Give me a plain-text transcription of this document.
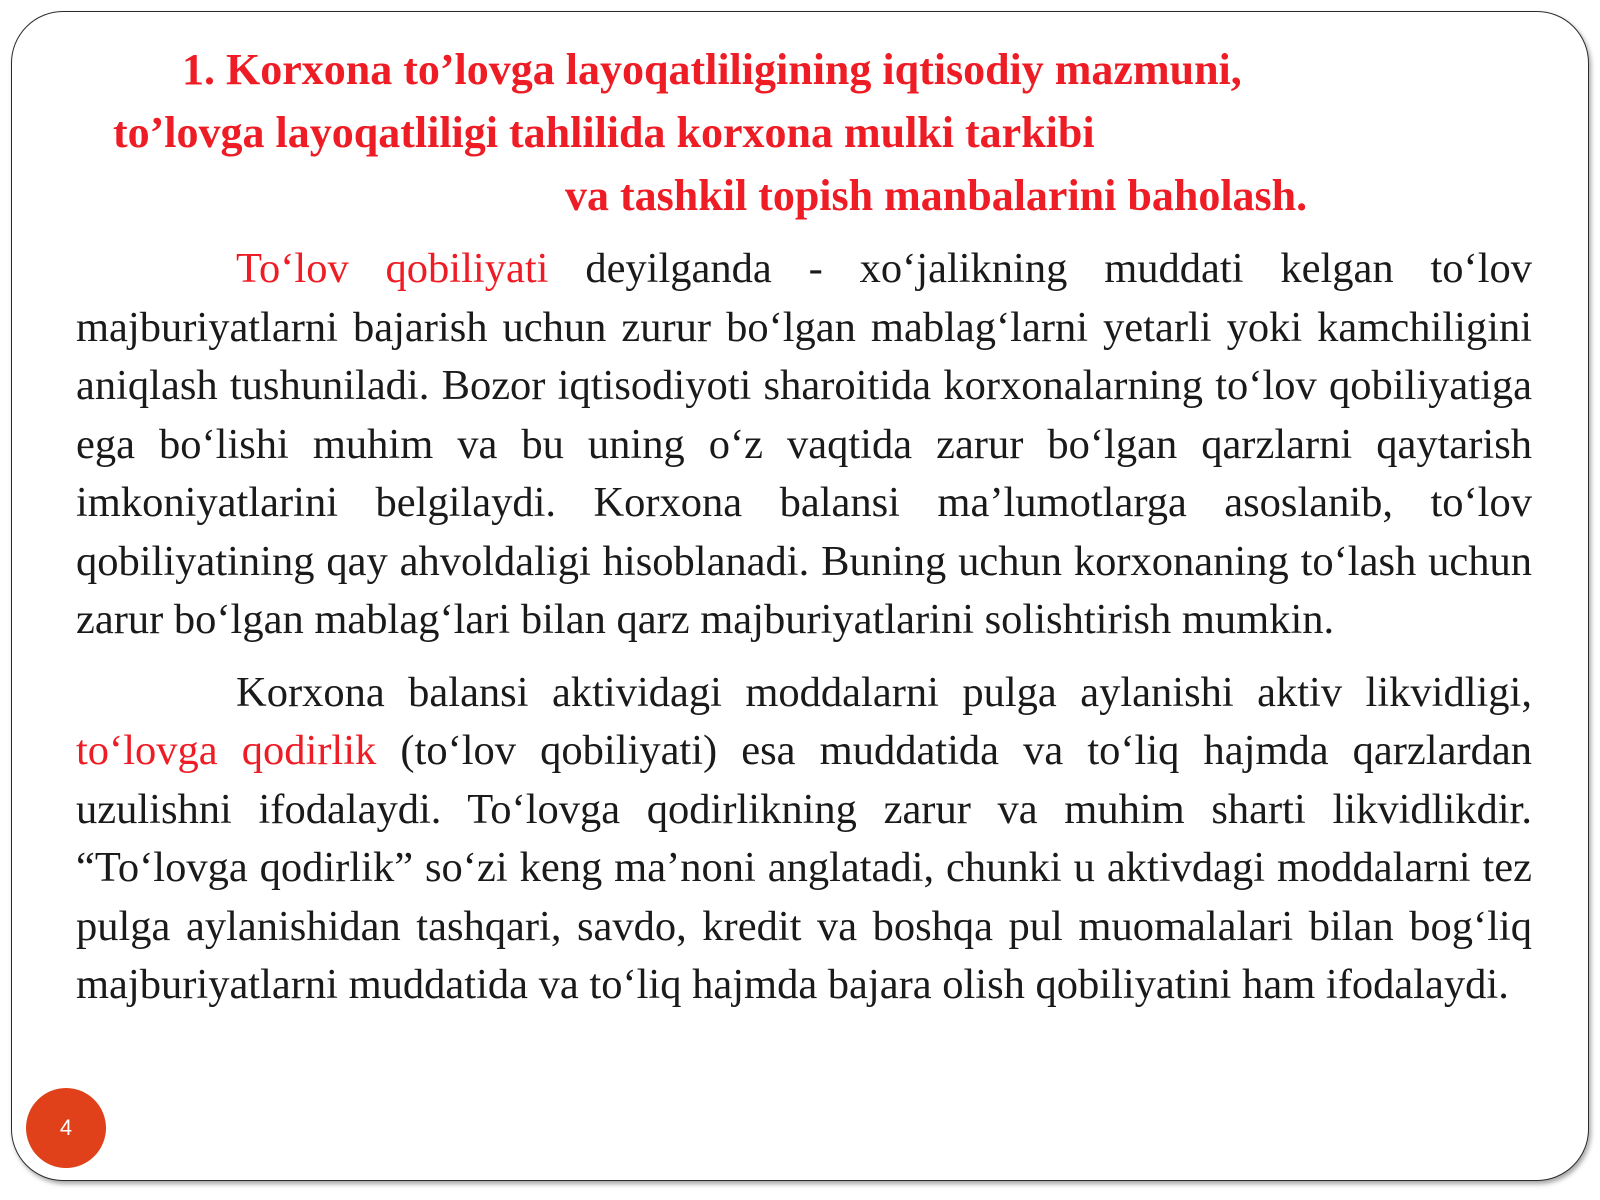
1. Korxona to’lovga layoqatliligining iqtisodiy mazmuni,
to’lovga layoqatliligi tahlilida korxona mulki tarkibi
va tashkil topish manbalarini baholash.

To‘lov qobiliyati deyilganda - xo‘jalikning muddati kelgan to‘lov majburiyatlarni bajarish uchun zurur bo‘lgan mablag‘larni yetarli yoki kamchiligini aniqlash tushuniladi. Bozor iqtisodiyoti sharoitida korxonalarning to‘lov qobiliyatiga ega bo‘lishi muhim va bu uning o‘z vaqtida zarur bo‘lgan qarzlarni qaytarish imkoniyatlarini belgilaydi. Korxona balansi ma’lumotlarga asoslanib, to‘lov qobiliyatining qay ahvoldaligi hisoblanadi. Buning uchun korxonaning to‘lash uchun zarur bo‘lgan mablag‘lari bilan qarz majburiyatlarini solishtirish mumkin.

Korxona balansi aktividagi moddalarni pulga aylanishi aktiv likvidligi, to‘lovga qodirlik (to‘lov qobiliyati) esa muddatida va to‘liq hajmda qarzlardan uzulishni ifodalaydi. To‘lovga qodirlikning zarur va muhim sharti likvidlikdir. “To‘lovga qodirlik” so‘zi keng ma’noni anglatadi, chunki u aktivdagi moddalarni tez pulga aylanishidan tashqari, savdo, kredit va boshqa pul muomalalari bilan bog‘liq majburiyatlarni muddatida va to‘liq hajmda bajara olish qobiliyatini ham ifodalaydi.

4
